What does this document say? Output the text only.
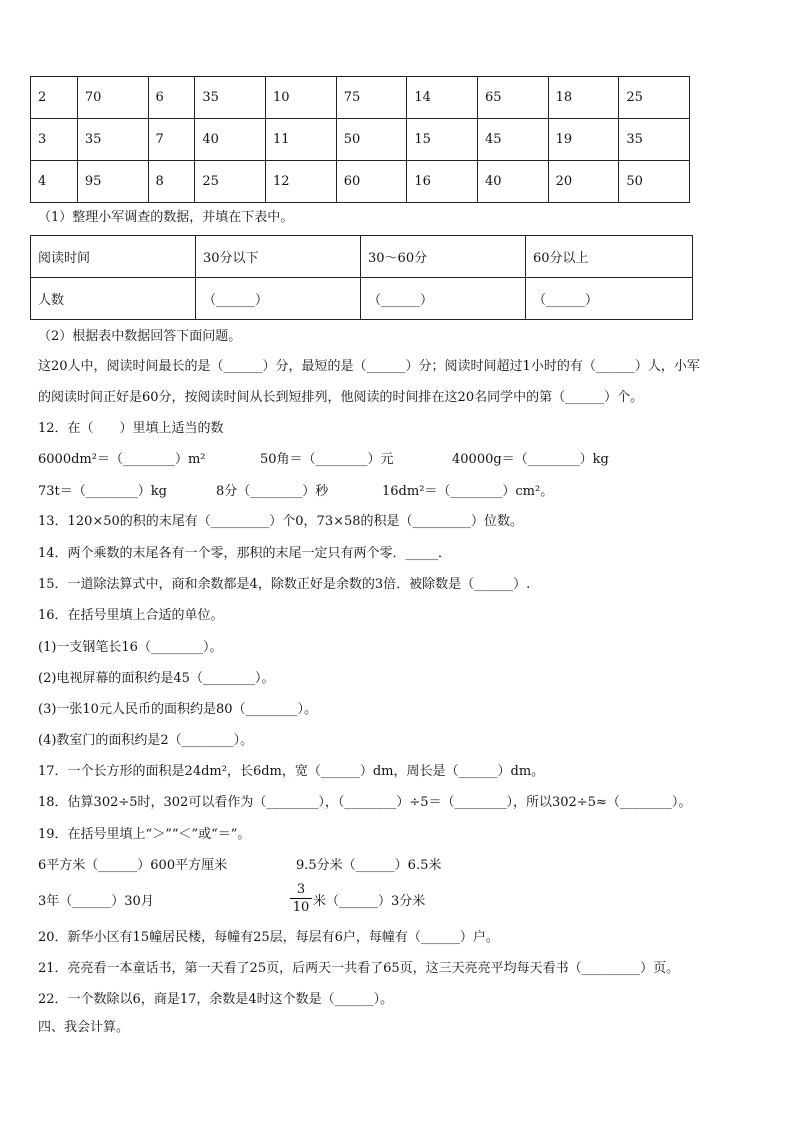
2	70	6	35	10	75	14	65	18	25
3	35	7	40	11	50	15	45	19	35
4	95	8	25	12	60	16	40	20	50
（1）整理小军调查的数据，并填在下表中。
阅读时间	30分以下	30～60分	60分以上
人数	（______）	（______）	（______）
（2）根据表中数据回答下面问题。
这20人中，阅读时间最长的是（______）分，最短的是（______）分；阅读时间超过1小时的有（______）人，小军
的阅读时间正好是60分，按阅读时间从长到短排列，他阅读的时间排在这20名同学中的第（______）个。
12．在（　　）里填上适当的数
6000dm²＝（________）m²	50角＝（________）元	40000g＝（________）kg
73t＝（________）kg	8分（________）秒	16dm²＝（________）cm²。
13．120×50的积的末尾有（_________）个0，73×58的积是（_________）位数。
14．两个乘数的末尾各有一个零，那积的末尾一定只有两个零．_____．
15．一道除法算式中，商和余数都是4，除数正好是余数的3倍．被除数是（______）.
16．在括号里填上合适的单位。
(1)一支钢笔长16（________）。
(2)电视屏幕的面积约是45（________）。
(3)一张10元人民币的面积约是80（________）。
(4)教室门的面积约是2（________）。
17．一个长方形的面积是24dm²，长6dm，宽（______）dm，周长是（______）dm。
18．估算302÷5时，302可以看作为（________），（________）÷5＝（________），所以302÷5≈（________）。
19．在括号里填上“＞”“＜”或“＝”。
6平方米（______）600平方厘米	9.5分米（______）6.5米
3年（______）30月	$\frac{3}{10}$ 米（______）3分米
20．新华小区有15幢居民楼，每幢有25层，每层有6户，每幢有（______）户。
21．亮亮看一本童话书，第一天看了25页，后两天一共看了65页，这三天亮亮平均每天看书（_________）页。
22．一个数除以6，商是17，余数是4时这个数是（______）。
四、我会计算。
